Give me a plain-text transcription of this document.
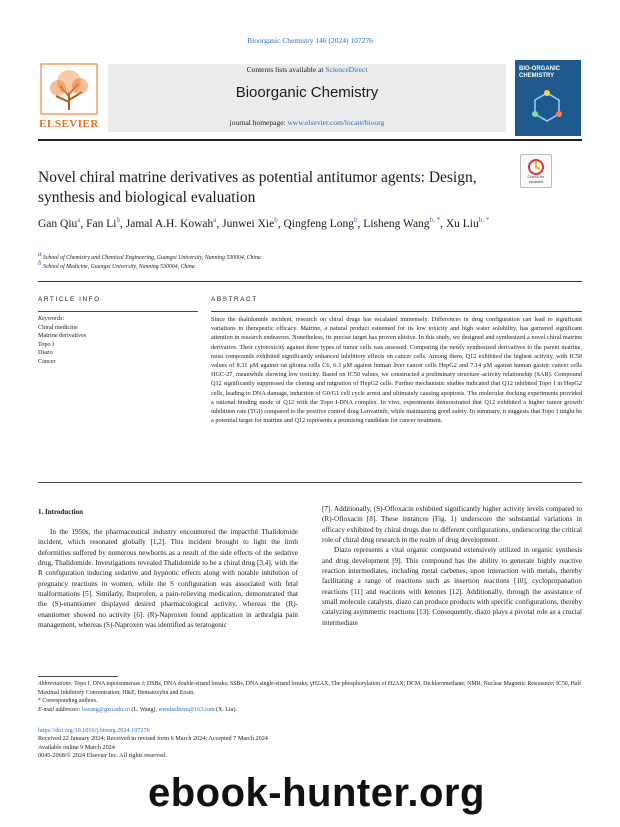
Bioorganic Chemistry 146 (2024) 107276
ELSEVIER
Contents lists available at ScienceDirect
Bioorganic Chemistry
journal homepage: www.elsevier.com/locate/bioorg
BIO-ORGANIC CHEMISTRY
Novel chiral matrine derivatives as potential antitumor agents: Design, synthesis and biological evaluation
Check for updates
Gan Qiu$^a$, Fan Li$^b$, Jamal A.H. Kowah$^a$, Junwei Xie$^b$, Qingfeng Long$^b$, Lisheng Wang$^{b, *}$, Xu Liu$^{b, *}$
$^a$ School of Chemistry and Chemical Engineering, Guangxi University, Nanning 530004, China
$^b$ School of Medicine, Guangxi University, Nanning 530004, China
ARTICLE INFO	ABSTRACT
Keywords:
Chiral medicine
Matrine derivatives
Topo I
Diazo
Cancer

Since the thalidomide incident, research on chiral drugs has escalated immensely. Differences in drug configuration can lead to significant variations in therapeutic efficacy. Matrine, a natural product esteemed for its low toxicity and high water solubility, has garnered significant attention in research endeavors. Nonetheless, its precise target has proven elusive. In this study, we designed and synthesized a novel chiral matrine derivative. Their cytotoxicity against three types of tumor cells was assessed. Comparing the newly synthesized derivatives to the parent matrine, most compounds exhibited significantly enhanced inhibitory effects on cancer cells. Among them, Q12 exhibited the highest activity, with IC50 values of 8.31 μM against rat glioma cells C6, 6.3 μM against human liver cancer cells HepG2 and 7.14 μM against human gastric cancer cells HGC-27, meanwhile showing low toxicity. Based on IC50 values, we constructed a preliminary structure–activity relationship (SAR). Compound Q12 significantly suppressed the cloning and migration of HepG2 cells. Further mechanistic studies indicated that Q12 inhibited Topo I in HepG2 cells, leading to DNA damage, induction of G0/G1 cell cycle arrest and ultimately causing apoptosis. The molecular docking experiments provided a rational binding mode of Q12 with the Topo I-DNA complex. In vivo, experiments demonstrated that Q12 exhibited a higher tumor growth inhibition rate (TGI) compared to the positive control drug Lenvatinib, while maintaining good safety. In summary, it suggests that Topo I might be a potential target for matrine and Q12 represents a promising candidate for cancer treatment.

1. Introduction

In the 1950s, the pharmaceutical industry encountered the impactful Thalidomide incident, which resonated globally [1,2]. This incident brought to light the limb deformities suffered by numerous newborns as a result of the side effects of the sedative drug, Thalidomide. Investigations revealed Thalidomide to be a chiral drug [3,4], with the R configuration inducing sedative and hypnotic effects along with notable inhibition of pregnancy reactions in women, while the S configuration was associated with fetal malformations [5]. Similarly, Ibuprofen, a pain-relieving medication, demonstrated that the (S)-enantiomer displayed desired pharmacological activity, whereas the (R)-enantiomer showed no activity [6]. (R)-Naproxen found application in arthralgia pain management, whereas (S)-Naproxen was identified as teratogenic

[7]. Additionally, (S)-Ofloxacin exhibited significantly higher activity levels compared to (R)-Ofloxacin [8]. These instances (Fig. 1) underscore the substantial variations in efficacy exhibited by chiral drugs due to different configurations, underscoring the critical role of chiral drug research in the realm of drug development.

Diazo represents a vital organic compound extensively utilized in organic synthesis and drug development [9]. This compound has the ability to generate highly reactive reaction intermediates, including metal carbenes, upon interaction with metals, thereby facilitating a range of reactions such as insertion reactions [10], cyclopropanation reactions [11] and reactions with ketones [12]. Additionally, through the assistance of small molecule catalysts, diazo can produce products with specific configurations, thereby catalyzing asymmetric reactions [13]. Consequently, diazo plays a pivotal role as a crucial intermediate

Abbreviations: Topo I, DNA topoisomerase I; DSBs, DNA double-strand breaks; SSBs, DNA single-strand breaks; γH2AX, The phosphorylation of H2AX; DCM, Dichloromethane; NMR, Nuclear Magnetic Resonance; IC50, Half Maximal Inhibitory Concentration; H&E, Hematoxylin and Eosin.
* Corresponding authors.
E-mail addresses: lswang@gxu.edu.cn (L. Wang), wendaoliuxu@163.com (X. Liu).
https://doi.org/10.1016/j.bioorg.2024.107276
Received 22 January 2024; Received in revised form 6 March 2024; Accepted 7 March 2024
Available online 9 March 2024
0045-2068/© 2024 Elsevier Inc. All rights reserved.
ebook-hunter.org
